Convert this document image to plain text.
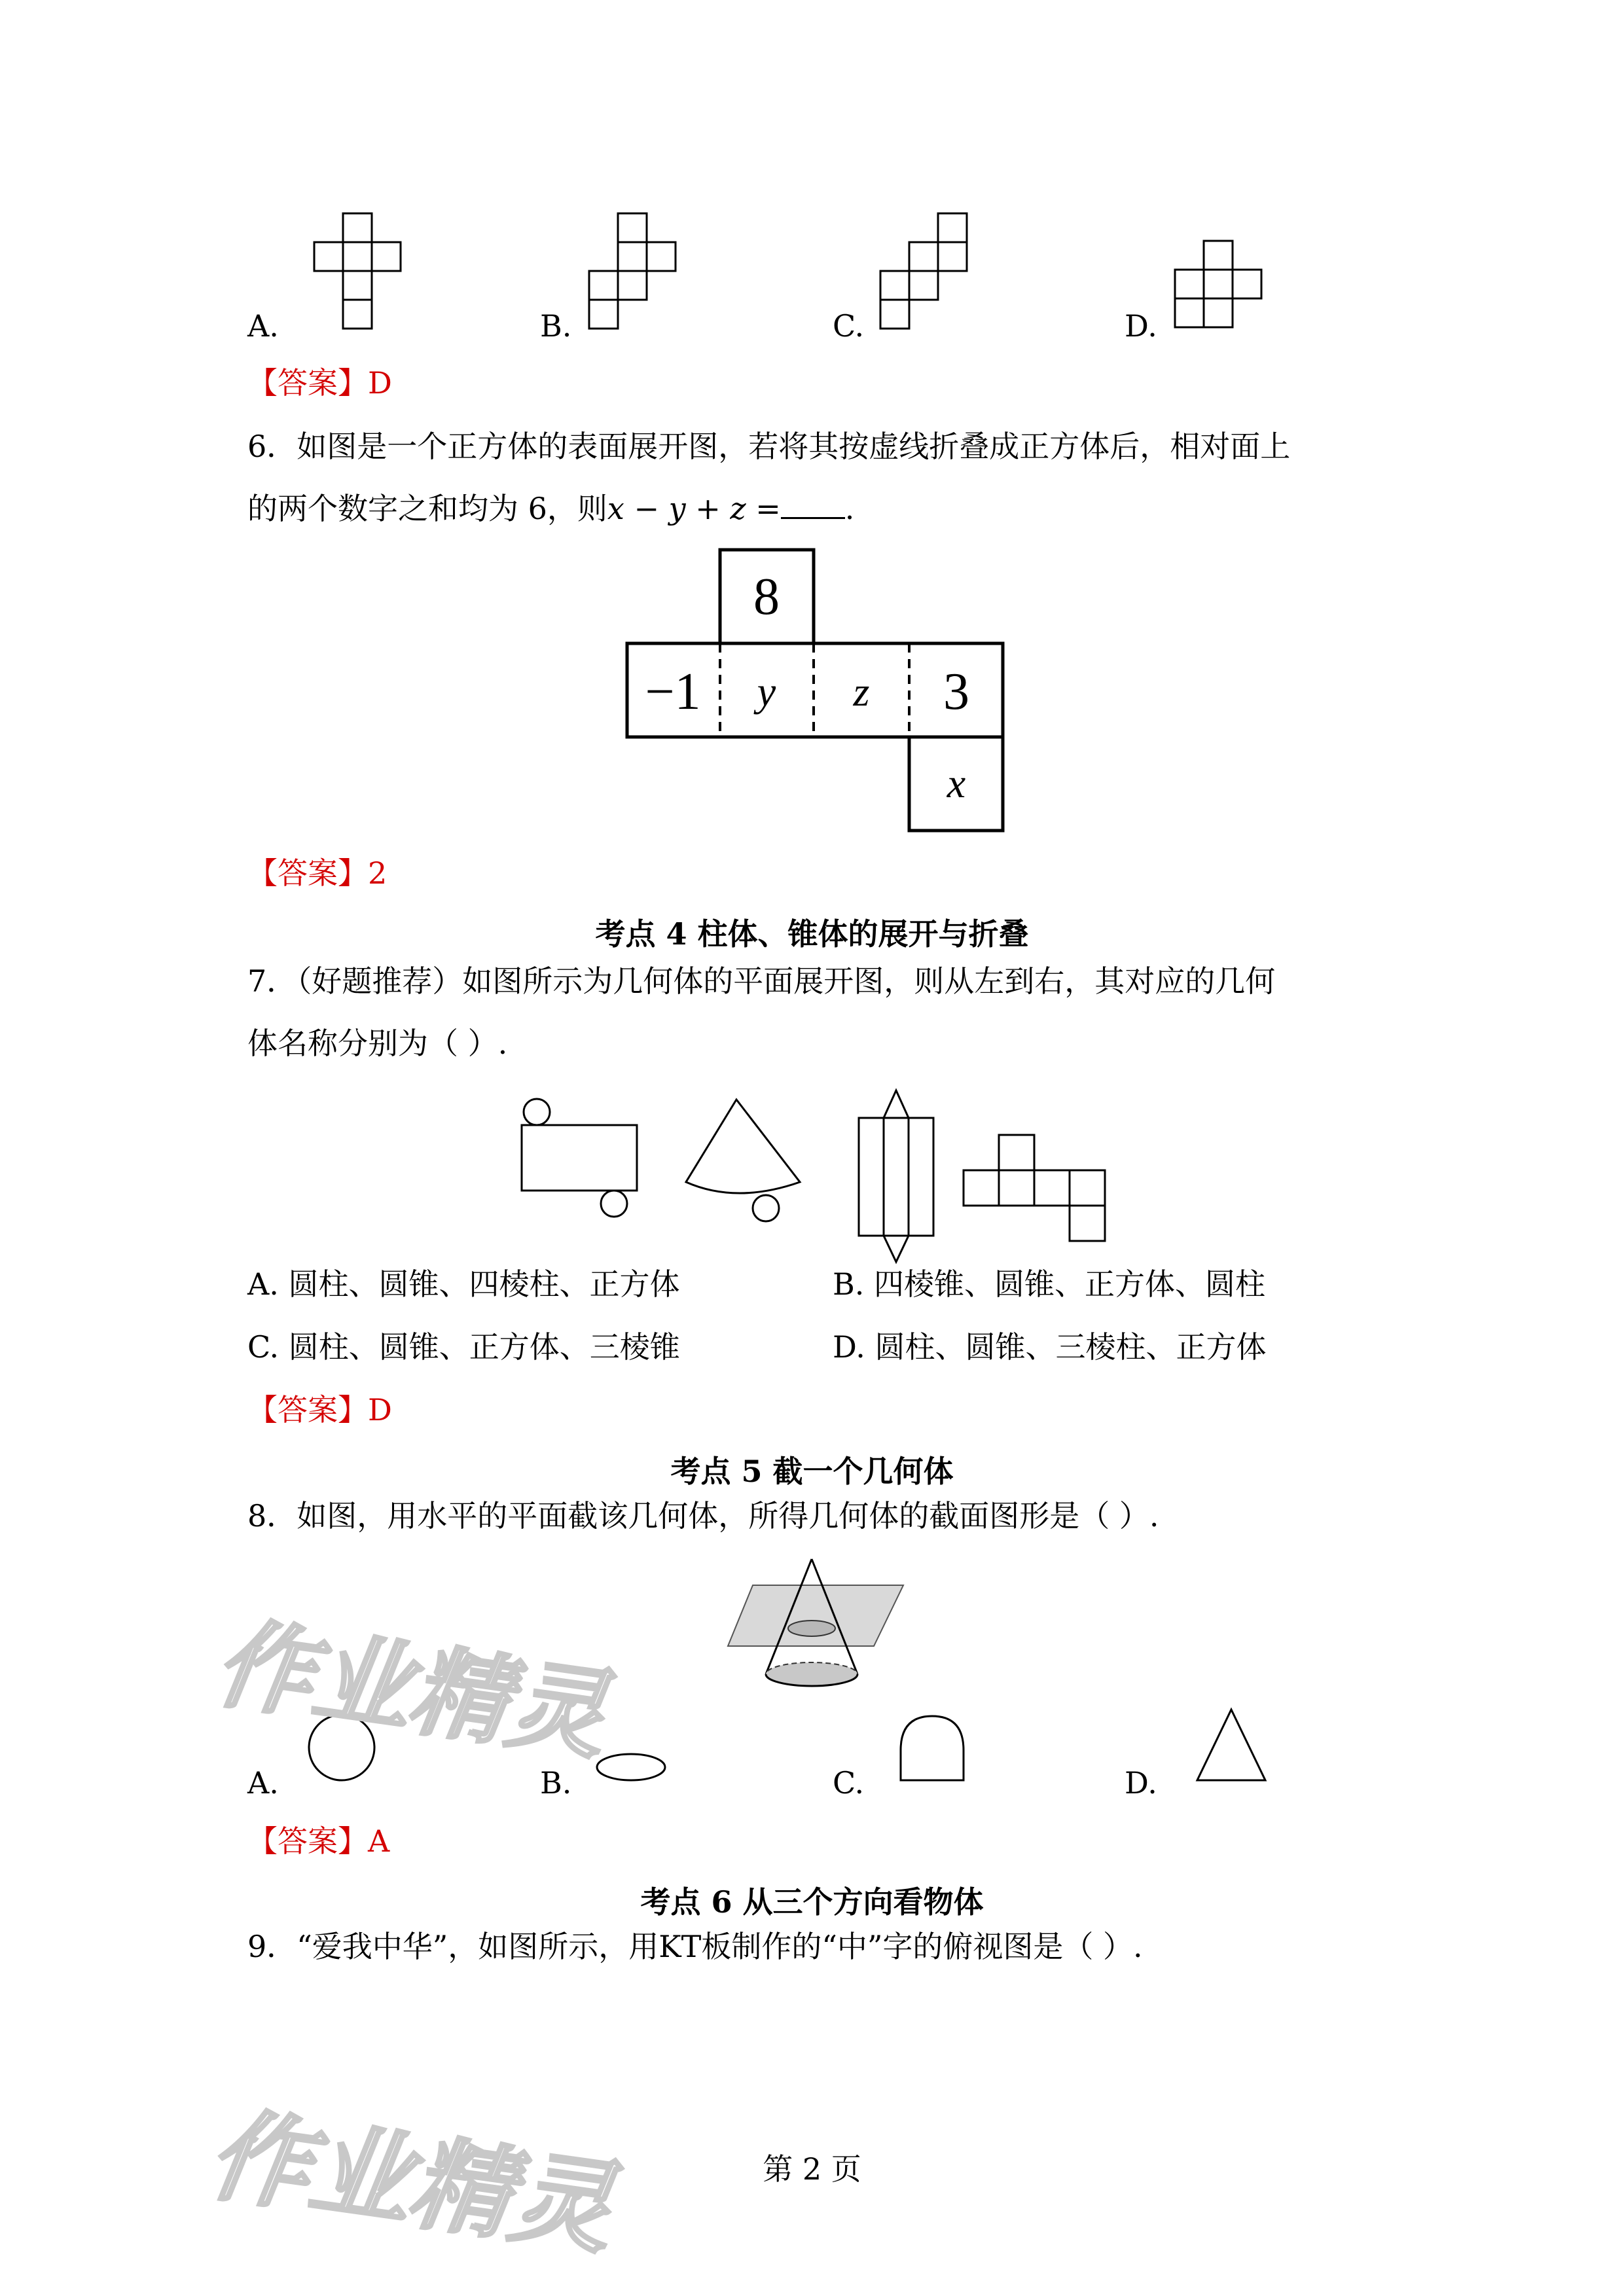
A.	B.	C.	D.
【答案】D
6．如图是一个正方体的表面展开图，若将其按虚线折叠成正方体后，相对面上
的两个数字之和均为 6，则x − y + z = .
8
−1 y z 3
x
【答案】2
考点 4 柱体、锥体的展开与折叠
7．（好题推荐）如图所示为几何体的平面展开图，则从左到右，其对应的几何
体名称分别为（ ）.
A. 圆柱、圆锥、四棱柱、正方体	B. 四棱锥、圆锥、正方体、圆柱
C. 圆柱、圆锥、正方体、三棱锥	D. 圆柱、圆锥、三棱柱、正方体
【答案】D
考点 5 截一个几何体
8．如图，用水平的平面截该几何体，所得几何体的截面图形是（ ）.
A.	B.	C.	D.
【答案】A
考点 6 从三个方向看物体
9．“爱我中华”，如图所示，用KT板制作的“中”字的俯视图是（ ）.
第 2 页
作业精灵
作业精灵
